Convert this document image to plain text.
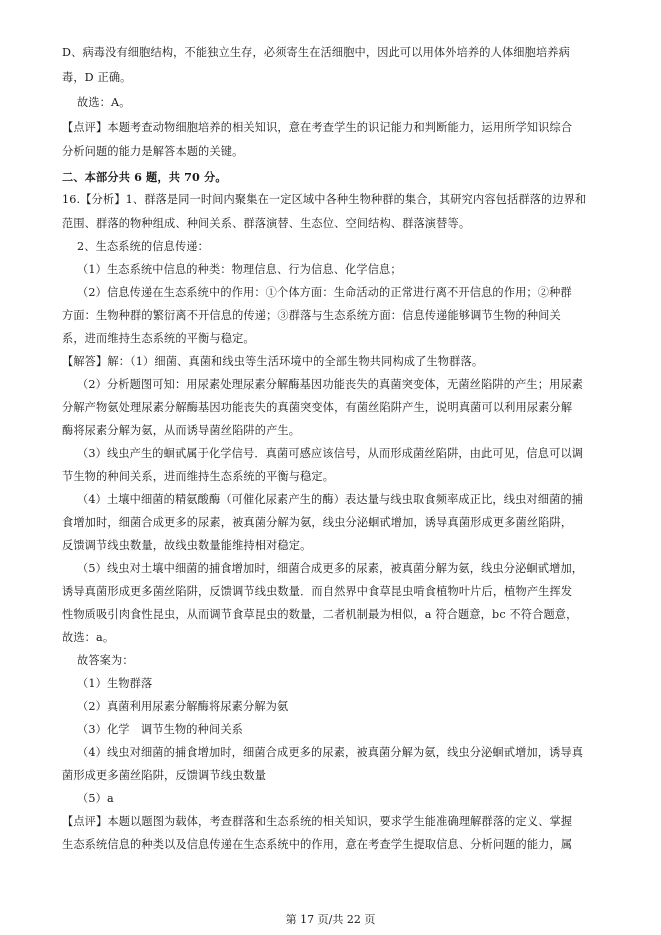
D、病毒没有细胞结构，不能独立生存，必须寄生在活细胞中，因此可以用体外培养的人体细胞培养病
毒，D 正确。
故选：A。
【点评】本题考查动物细胞培养的相关知识，意在考查学生的识记能力和判断能力，运用所学知识综合
分析问题的能力是解答本题的关键。
二、本部分共 6 题，共 70 分。
16.【分析】1、群落是同一时间内聚集在一定区域中各种生物种群的集合，其研究内容包括群落的边界和
范围、群落的物种组成、种间关系、群落演替、生态位、空间结构、群落演替等。
2、生态系统的信息传递：
（1）生态系统中信息的种类：物理信息、行为信息、化学信息；
（2）信息传递在生态系统中的作用：①个体方面：生命活动的正常进行离不开信息的作用；②种群
方面：生物种群的繁衍离不开信息的传递；③群落与生态系统方面：信息传递能够调节生物的种间关
系，进而维持生态系统的平衡与稳定。
【解答】解：（1）细菌、真菌和线虫等生活环境中的全部生物共同构成了生物群落。
（2）分析题图可知：用尿素处理尿素分解酶基因功能丧失的真菌突变体，无菌丝陷阱的产生；用尿素
分解产物氨处理尿素分解酶基因功能丧失的真菌突变体，有菌丝陷阱产生，说明真菌可以利用尿素分解
酶将尿素分解为氨，从而诱导菌丝陷阱的产生。
（3）线虫产生的蛔甙属于化学信号．真菌可感应该信号，从而形成菌丝陷阱，由此可见，信息可以调
节生物的种间关系，进而维持生态系统的平衡与稳定。
（4）土壤中细菌的精氨酸酶（可催化尿素产生的酶）表达量与线虫取食频率成正比，线虫对细菌的捕
食增加时，细菌合成更多的尿素，被真菌分解为氨，线虫分泌蛔甙增加，诱导真菌形成更多菌丝陷阱，
反馈调节线虫数量，故线虫数量能维持相对稳定。
（5）线虫对土壤中细菌的捕食增加时，细菌合成更多的尿素，被真菌分解为氨，线虫分泌蛔甙增加，
诱导真菌形成更多菌丝陷阱，反馈调节线虫数量．而自然界中食草昆虫啃食植物叶片后，植物产生挥发
性物质吸引肉食性昆虫，从而调节食草昆虫的数量，二者机制最为相似，a 符合题意，bc 不符合题意，
故选：a。
故答案为：
（1）生物群落
（2）真菌利用尿素分解酶将尿素分解为氨
（3）化学　调节生物的种间关系
（4）线虫对细菌的捕食增加时，细菌合成更多的尿素，被真菌分解为氨，线虫分泌蛔甙增加，诱导真
菌形成更多菌丝陷阱，反馈调节线虫数量
（5）a
【点评】本题以题图为载体，考查群落和生态系统的相关知识，要求学生能准确理解群落的定义、掌握
生态系统信息的种类以及信息传递在生态系统中的作用，意在考查学生提取信息、分析问题的能力，属
第 17 页/共 22 页
